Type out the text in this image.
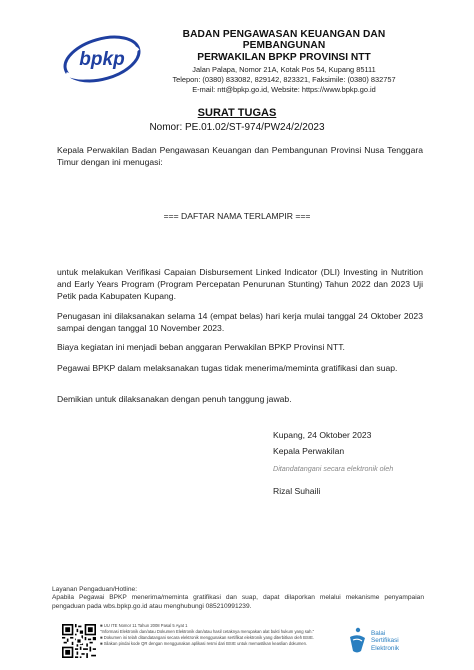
bpkp
BADAN PENGAWASAN KEUANGAN DAN PEMBANGUNAN
PERWAKILAN BPKP PROVINSI NTT
Jalan Palapa, Nomor 21A, Kotak Pos 54, Kupang 85111
Telepon: (0380) 833082, 829142, 823321, Faksimile: (0380) 832757
E-mail: ntt@bpkp.go.id, Website: https://www.bpkp.go.id
SURAT TUGAS
Nomor: PE.01.02/ST-974/PW24/2/2023
Kepala Perwakilan Badan Pengawasan Keuangan dan Pembangunan Provinsi Nusa Tenggara Timur dengan ini menugasi:
=== DAFTAR NAMA TERLAMPIR ===
untuk melakukan Verifikasi Capaian Disbursement Linked Indicator (DLI) Investing in Nutrition and Early Years Program (Program Percepatan Penurunan Stunting) Tahun 2022 dan 2023 Uji Petik pada Kabupaten Kupang.
Penugasan ini dilaksanakan selama 14 (empat belas) hari kerja mulai tanggal 24 Oktober 2023 sampai dengan tanggal 10 November 2023.
Biaya kegiatan ini menjadi beban anggaran Perwakilan BPKP Provinsi NTT.
Pegawai BPKP dalam melaksanakan tugas tidak menerima/meminta gratifikasi dan suap.
Demikian untuk dilaksanakan dengan penuh tanggung jawab.
Kupang, 24 Oktober 2023
Kepala Perwakilan
Ditandatangani secara elektronik oleh
Rizal Suhaili
Layanan Pengaduan/Hotline:
Apabila Pegawai BPKP menerima/meminta gratifikasi dan suap, dapat dilaporkan melalui mekanisme penyampaian pengaduan pada wbs.bpkp.go.id atau menghubungi 085210991239.
■ UU ITE Nomor 11 Tahun 2008 Pasal 5 Ayat 1
"Informasi Elektronik dan/atau Dokumen Elektronik dan/atau hasil cetaknya merupakan alat bukti hukum yang sah."
■ Dokumen ini telah ditandatangani secara elektronik menggunakan sertifikat elektronik yang diterbitkan oleh BSrE.
■ Silakan pindai kode QR dengan menggunakan aplikasi resmi dari BSrE untuk memastikan keaslian dokumen.
Balai
Sertifikasi
Elektronik
